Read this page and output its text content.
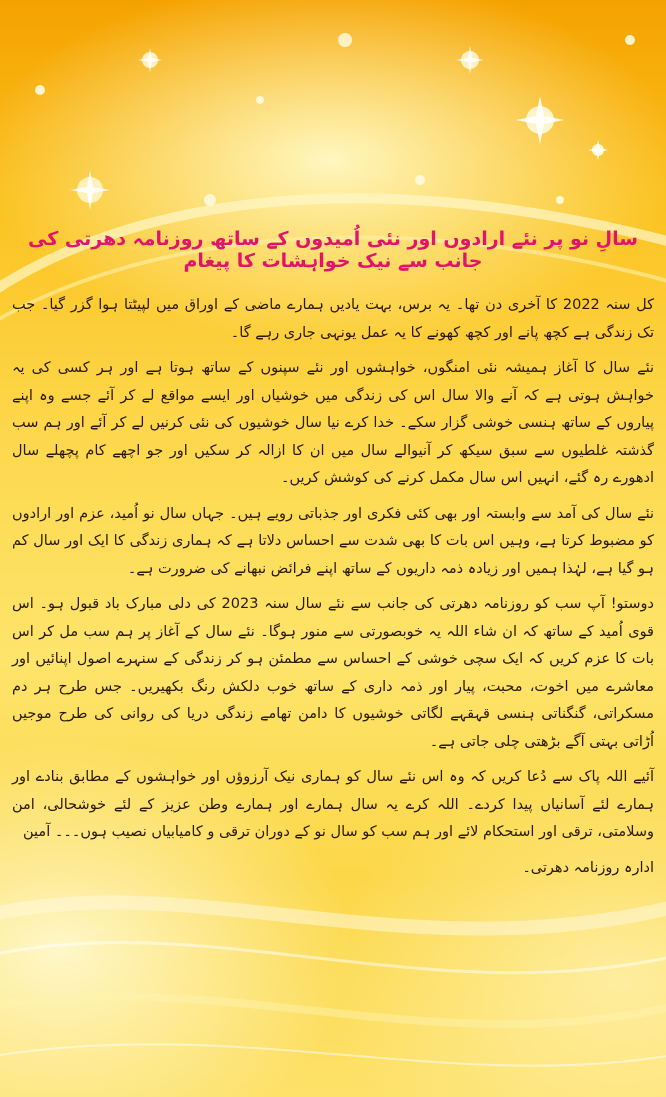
سالِ نو پر نئے ارادوں اور نئی اُمیدوں کے ساتھ روزنامہ دھرتی کی جانب سے نیک خواہشات کا پیغام

کل سنہ 2022 کا آخری دن تھا۔ یہ برس، بہت یادیں ہمارے ماضی کے اوراق میں لپیٹتا ہوا گزر گیا۔ جب تک زندگی ہے کچھ پانے اور کچھ کھونے کا یہ عمل یونہی جاری رہے گا۔

نئے سال کا آغاز ہمیشہ نئی امنگوں، خواہشوں اور نئے سپنوں کے ساتھ ہوتا ہے اور ہر کسی کی یہ خواہش ہوتی ہے کہ آنے والا سال اس کی زندگی میں خوشیاں اور ایسے مواقع لے کر آئے جسے وہ اپنے پیاروں کے ساتھ ہنسی خوشی گزار سکے۔ خدا کرے نیا سال خوشیوں کی نئی کرنیں لے کر آئے اور ہم سب گذشتہ غلطیوں سے سبق سیکھ کر آنیوالے سال میں ان کا ازالہ کر سکیں اور جو اچھے کام پچھلے سال ادھورے رہ گئے، انہیں اس سال مکمل کرنے کی کوشش کریں۔

نئے سال کی آمد سے وابستہ اور بھی کئی فکری اور جذباتی رویے ہیں۔ جہاں سال نو اُمید، عزم اور ارادوں کو مضبوط کرتا ہے، وہیں اس بات کا بھی شدت سے احساس دلاتا ہے کہ ہماری زندگی کا ایک اور سال کم ہو گیا ہے، لہٰذا ہمیں اور زیادہ ذمہ داریوں کے ساتھ اپنے فرائض نبھانے کی ضرورت ہے۔

دوستو! آپ سب کو روزنامہ دھرتی کی جانب سے نئے سال سنہ 2023 کی دلی مبارک باد قبول ہو۔ اس قوی اُمید کے ساتھ کہ ان شاء اللہ یہ خوبصورتی سے منور ہوگا۔ نئے سال کے آغاز پر ہم سب مل کر اس بات کا عزم کریں کہ ایک سچی خوشی کے احساس سے مطمئن ہو کر زندگی کے سنہرے اصول اپنائیں اور معاشرے میں اخوت، محبت، پیار اور ذمہ داری کے ساتھ خوب دلکش رنگ بکھیریں۔ جس طرح ہر دم مسکراتی، گنگناتی ہنسی قہقہے لگاتی خوشیوں کا دامن تھامے زندگی دریا کی روانی کی طرح موجیں اُڑاتی بہتی آگے بڑھتی چلی جاتی ہے۔

آئیے اللہ پاک سے دُعا کریں کہ وہ اس نئے سال کو ہماری نیک آرزوؤں اور خواہشوں کے مطابق بنادے اور ہمارے لئے آسانیاں پیدا کردے۔ اللہ کرے یہ سال ہمارے اور ہمارے وطن عزیز کے لئے خوشحالی، امن وسلامتی، ترقی اور استحکام لائے اور ہم سب کو سال نو کے دوران ترقی و کامیابیاں نصیب ہوں۔۔۔ آمین

ادارہ روزنامہ دھرتی۔
